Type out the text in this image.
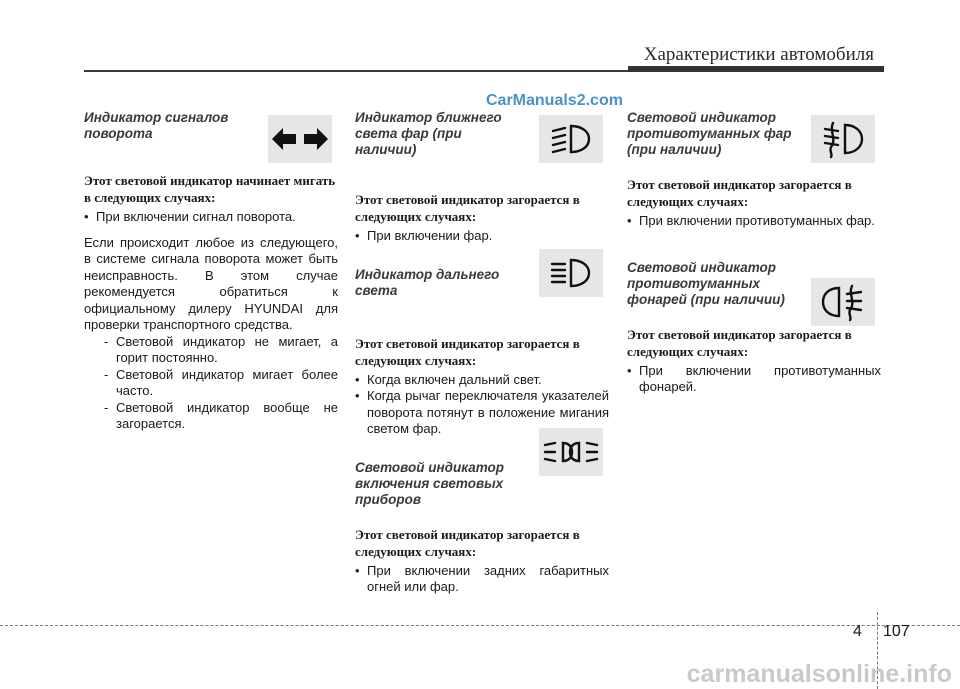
Характеристики автомобиля
CarManuals2.com

Индикатор сигналов поворота

Этот световой индикатор начинает мигать в следующих случаях:

• При включении сигнал поворота.

Если происходит любое из следующего, в системе сигнала поворота может быть неисправность. В этом случае рекомендуется обратиться к официальному дилеру HYUNDAI для проверки транспортного средства.

- Световой индикатор не мигает, а горит постоянно.

- Световой индикатор мигает более часто.

- Световой индикатор вообще не загорается.

Индикатор ближнего света фар (при наличии)

Этот световой индикатор загорается в следующих случаях:

• При включении фар.

Индикатор дальнего света

Этот световой индикатор загорается в следующих случаях:

• Когда включен дальний свет.

• Когда рычаг переключателя указателей поворота потянут в положение мигания светом фар.

Световой индикатор включения световых приборов

Этот световой индикатор загорается в следующих случаях:

• При включении задних габаритных огней или фар.

Световой индикатор противотуманных фар (при наличии)

Этот световой индикатор загорается в следующих случаях:

• При включении противотуманных фар.

Световой индикатор противотуманных фонарей (при наличии)

Этот световой индикатор загорается в следующих случаях:

• При включении противотуманных фонарей.

4 107
carmanualsonline.info
